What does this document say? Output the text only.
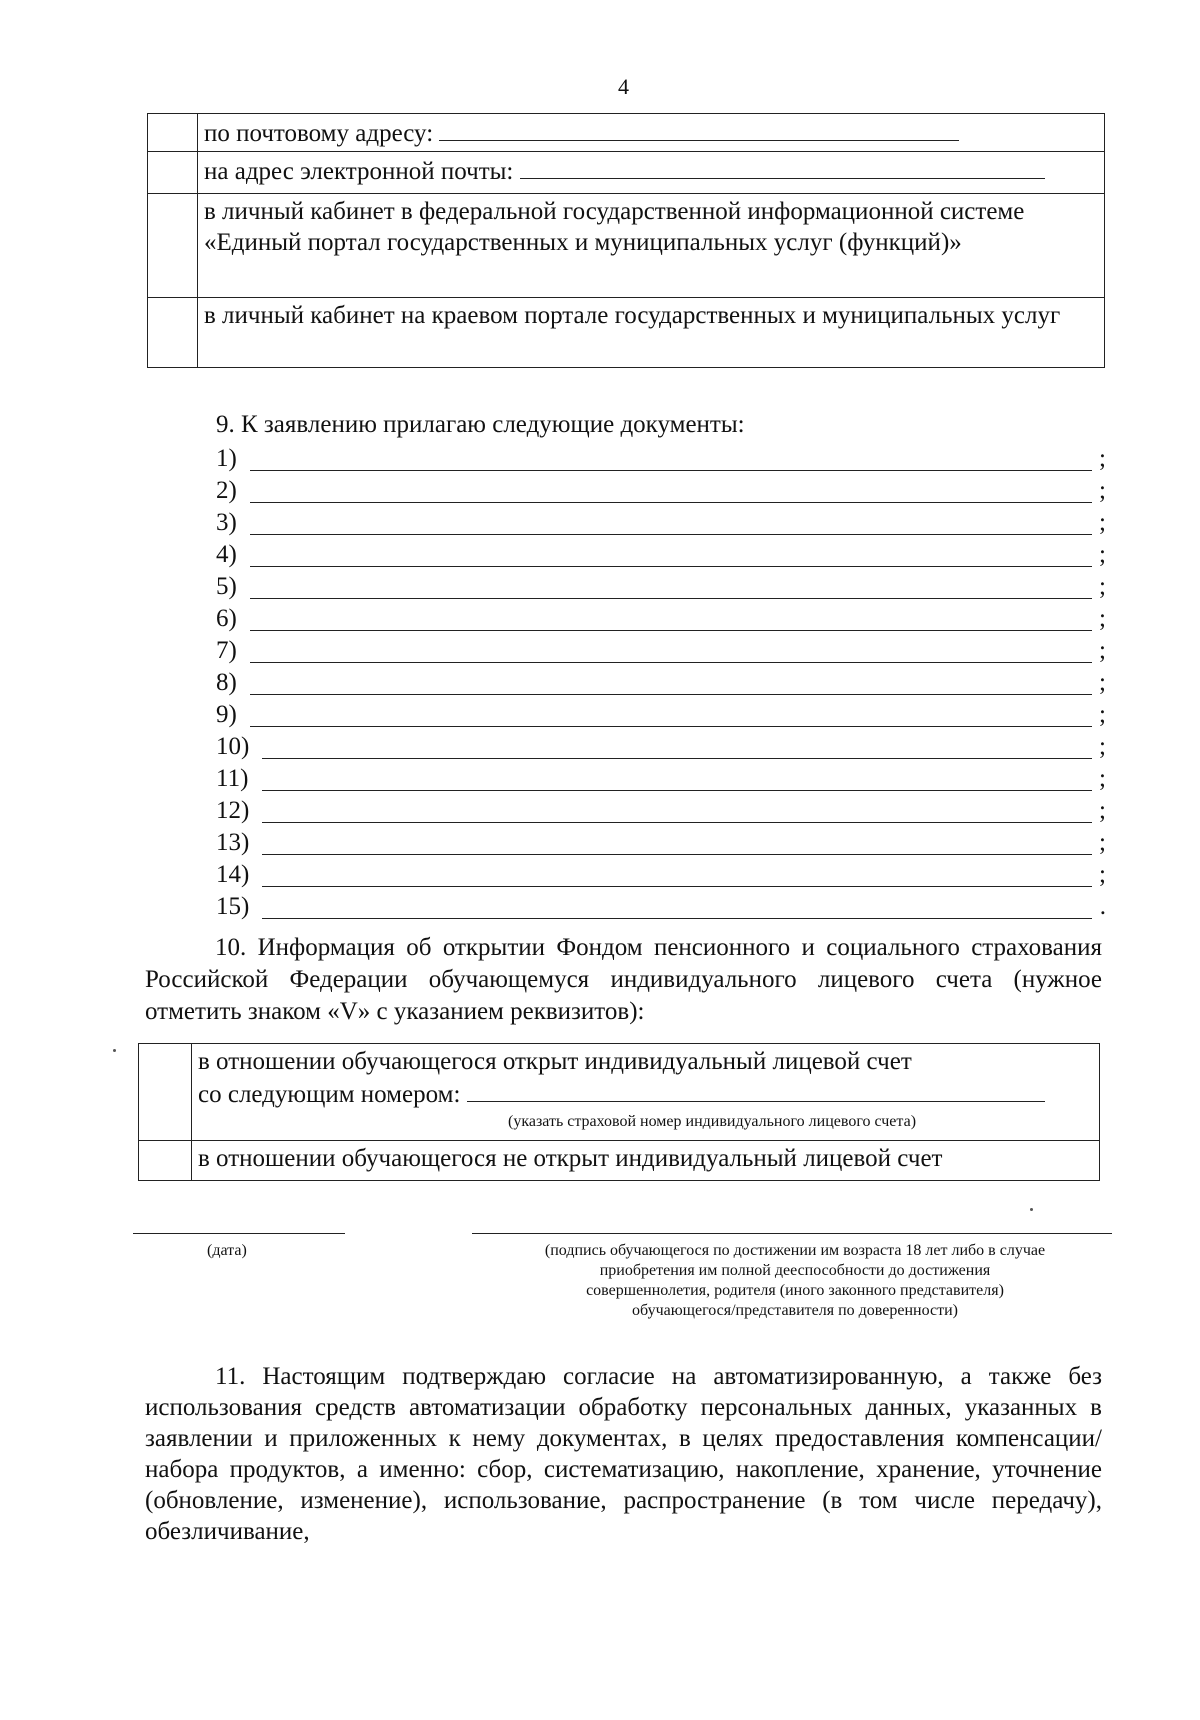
4
	по почтовому адресу:
	на адрес электронной почты:
	в личный кабинет в федеральной государственной информационной системе «Единый портал государственных и муниципальных услуг (функций)»
	в личный кабинет на краевом портале государственных и муниципальных услуг
9. К заявлению прилагаю следующие документы:
1)	;
2)	;
3)	;
4)	;
5)	;
6)	;
7)	;
8)	;
9)	;
10)	;
11)	;
12)	;
13)	;
14)	;
15)	.
10. Информация об открытии Фондом пенсионного и социального страхования Российской Федерации обучающемуся индивидуального лицевого счета (нужное отметить знаком «V» с указанием реквизитов):

	в отношении обучающегося открыт индивидуальный лицевой счет
со следующим номером:
(указать страховой номер индивидуального лицевого счета)

	в отношении обучающегося не открыт индивидуальный лицевой счет
(дата)	(подпись обучающегося по достижении им возраста 18 лет либо в случае
приобретения им полной дееспособности до достижения
совершеннолетия, родителя (иного законного представителя)
обучающегося/представителя по доверенности)
11. Настоящим подтверждаю согласие на автоматизированную, а также без использования средств автоматизации обработку персональных данных, указанных в заявлении и приложенных к нему документах, в целях предоставления компенсации/набора продуктов, а именно: сбор, систематизацию, накопление, хранение, уточнение (обновление, изменение), использование, распространение (в том числе передачу), обезличивание,
